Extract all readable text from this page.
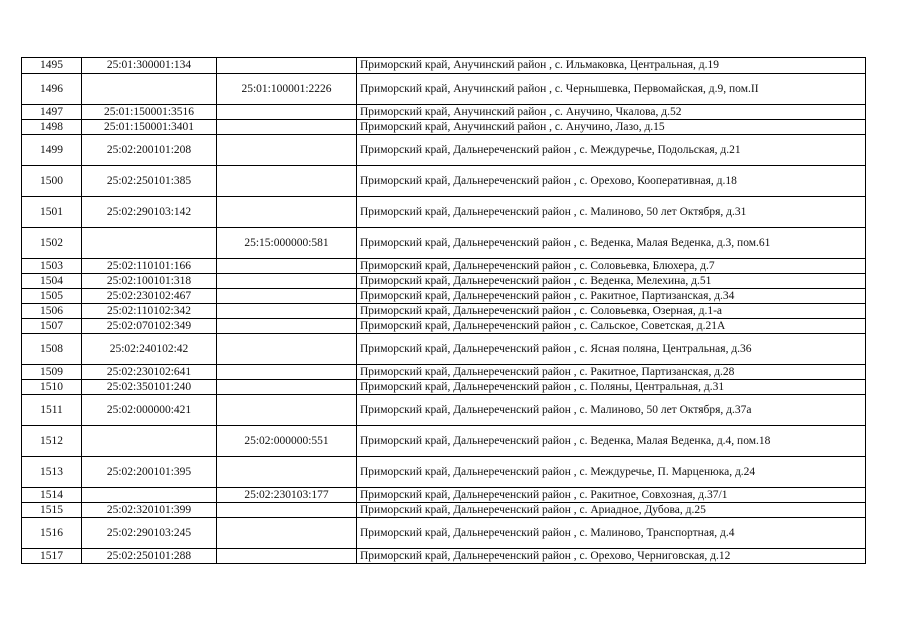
1495	25:01:300001:134		Приморский край, Анучинский район , с. Ильмаковка, Центральная, д.19
1496		25:01:100001:2226	Приморский край, Анучинский район , с. Чернышевка, Первомайская, д.9, пом.II
1497	25:01:150001:3516		Приморский край, Анучинский район , с. Анучино, Чкалова, д.52
1498	25:01:150001:3401		Приморский край, Анучинский район , с. Анучино, Лазо, д.15
1499	25:02:200101:208		Приморский край, Дальнереченский район , с. Междуречье, Подольская, д.21
1500	25:02:250101:385		Приморский край, Дальнереченский район , с. Орехово, Кооперативная, д.18
1501	25:02:290103:142		Приморский край, Дальнереченский район , с. Малиново, 50 лет Октября, д.31
1502		25:15:000000:581	Приморский край, Дальнереченский район , с. Веденка, Малая Веденка, д.3, пом.61
1503	25:02:110101:166		Приморский край, Дальнереченский район , с. Соловьевка, Блюхера, д.7
1504	25:02:100101:318		Приморский край, Дальнереченский район , с. Веденка, Мелехина, д.51
1505	25:02:230102:467		Приморский край, Дальнереченский район , с. Ракитное, Партизанская, д.34
1506	25:02:110102:342		Приморский край, Дальнереченский район , с. Соловьевка, Озерная, д.1-а
1507	25:02:070102:349		Приморский край, Дальнереченский район , с. Сальское, Советская, д.21А
1508	25:02:240102:42		Приморский край, Дальнереченский район , с. Ясная поляна, Центральная, д.36
1509	25:02:230102:641		Приморский край, Дальнереченский район , с. Ракитное, Партизанская, д.28
1510	25:02:350101:240		Приморский край, Дальнереченский район , с. Поляны, Центральная, д.31
1511	25:02:000000:421		Приморский край, Дальнереченский район , с. Малиново, 50 лет Октября, д.37а
1512		25:02:000000:551	Приморский край, Дальнереченский район , с. Веденка, Малая Веденка, д.4, пом.18
1513	25:02:200101:395		Приморский край, Дальнереченский район , с. Междуречье, П. Марценюка, д.24
1514		25:02:230103:177	Приморский край, Дальнереченский район , с. Ракитное, Совхозная, д.37/1
1515	25:02:320101:399		Приморский край, Дальнереченский район , с. Ариадное, Дубова, д.25
1516	25:02:290103:245		Приморский край, Дальнереченский район , с. Малиново, Транспортная, д.4
1517	25:02:250101:288		Приморский край, Дальнереченский район , с. Орехово, Черниговская, д.12
